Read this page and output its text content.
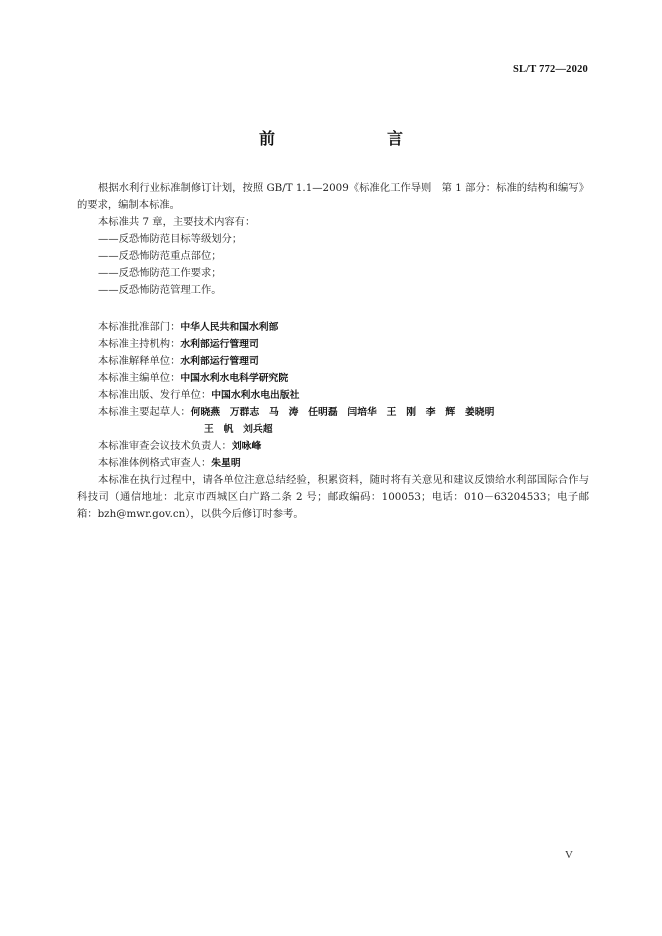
SL/T 772—2020
前　言
根据水利行业标准制修订计划，按照 GB/T 1.1—2009《标准化工作导则　第 1 部分：标准的结构和编写》的要求，编制本标准。
本标准共 7 章，主要技术内容有：
——反恐怖防范目标等级划分；
——反恐怖防范重点部位；
——反恐怖防范工作要求；
——反恐怖防范管理工作。
本标准批准部门：中华人民共和国水利部
本标准主持机构：水利部运行管理司
本标准解释单位：水利部运行管理司
本标准主编单位：中国水利水电科学研究院
本标准出版、发行单位：中国水利水电出版社
本标准主要起草人：何晓燕　万群志　马　涛　任明磊　闫培华　王　刚　李　辉　姜晓明
王　帆　刘兵超
本标准审查会议技术负责人：刘咏峰
本标准体例格式审查人：朱星明
本标准在执行过程中，请各单位注意总结经验，积累资料，随时将有关意见和建议反馈给水利部国际合作与科技司（通信地址：北京市西城区白广路二条 2 号；邮政编码：100053；电话：010－63204533；电子邮箱：bzh@mwr.gov.cn），以供今后修订时参考。
V
